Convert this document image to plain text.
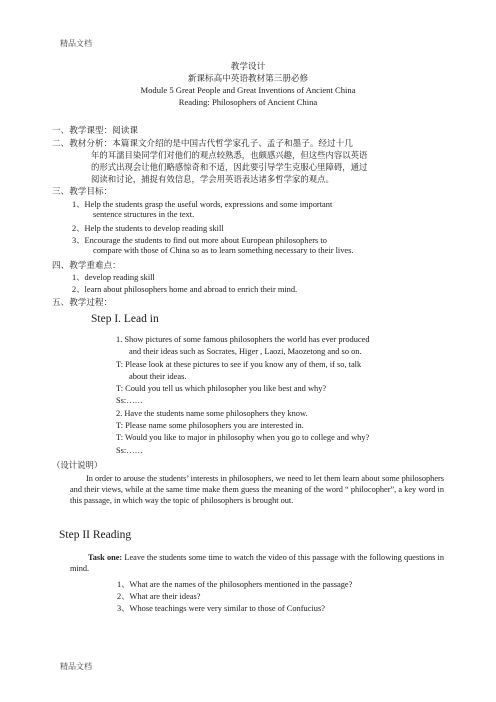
精品文档
教学设计
新课标高中英语教材第三册必修
Module 5 Great People and Great Inventions of Ancient China
Reading: Philosophers of Ancient China
一、教学课型：阅读课
二、教材分析：本篇课文介绍的是中国古代哲学家孔子、孟子和墨子。经过十几
年的耳濡目染同学们对他们的观点较熟悉，也颇感兴趣，但这些内容以英语
的形式出现会让他们略感惊奇和不适，因此要引导学生克服心里障碍，通过
阅读和讨论，捕捉有效信息，学会用英语表达诸多哲学家的观点。
三、教学目标：
1、Help the students grasp the useful words, expressions and some important
sentence structures in the text.
2、Help the students to develop reading skill
3、Encourage the students to find out more about European philosophers to
compare with those of China so as to learn something necessary to their lives.
四、教学重难点：
1、develop reading skill
2、learn about philosophers home and abroad to enrich their mind.
五、教学过程：
Step I. Lead in
1. Show pictures of some famous philosophers the world has ever produced
and their ideas such as Socrates, Higer , Laozi, Maozetong and so on.
T: Please look at these pictures to see if you know any of them, if so, talk
about their ideas.
T: Could you tell us which philosopher you like best and why?
Ss:……
2. Have the students name some philosophers they know.
T: Please name some philosophers you are interested in.
T: Would you like to major in philosophy when you go to college and why?
Ss:……
（设计说明）
In order to arouse the students’ interests in philosophers, we need to let them learn about some philosophers and their views, while at the same time make them guess the meaning of the word “ philocopher”, a key word in this passage, in which way the topic of philosophers is brought out.
Step II Reading
Task one: Leave the students some time to watch the video of this passage with the following questions in mind.
1、What are the names of the philosophers mentioned in the passage?
2、What are their ideas?
3、Whose teachings were very similar to those of Confucius?
精品文档
